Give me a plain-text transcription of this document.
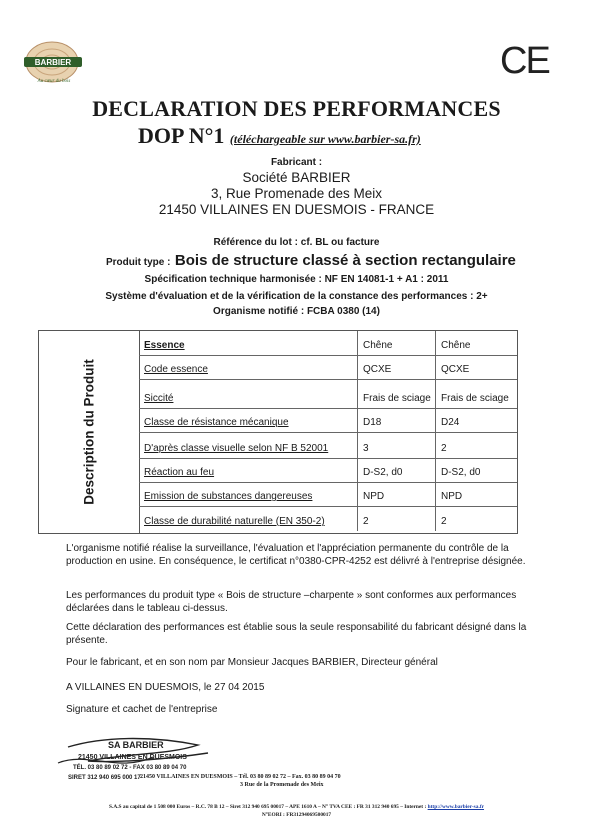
BARBIER
Au cœur du bois	CE
DECLARATION DES PERFORMANCES
DOP N°1 (téléchargeable sur www.barbier-sa.fr)
Fabricant :
Société BARBIER
3, Rue Promenade des Meix
21450 VILLAINES EN DUESMOIS - FRANCE
Référence du lot : cf. BL ou facture
Produit type : Bois de structure classé à section rectangulaire
Spécification technique harmonisée : NF EN 14081-1 + A1 : 2011
Système d'évaluation et de la vérification de la constance des performances : 2+
Organisme notifié : FCBA 0380 (14)
Description du Produit
Essence	Chêne	Chêne
Code essence	QCXE	QCXE
Siccité	Frais de sciage	Frais de sciage
Classe de résistance mécanique	D18	D24
D'après classe visuelle selon NF B 52001	3	2
Réaction au feu	D-S2, d0	D-S2, d0
Emission de substances dangereuses	NPD	NPD
Classe de durabilité naturelle (EN 350-2)	2	2
L'organisme notifié réalise la surveillance, l'évaluation et l'appréciation permanente du contrôle de la production en usine. En conséquence, le certificat n°0380-CPR-4252 est délivré à l'entreprise désignée.
Les performances du produit type « Bois de structure –charpente » sont conformes aux performances déclarées dans le tableau ci-dessus.
Cette déclaration des performances est établie sous la seule responsabilité du fabricant désigné dans la présente.
Pour le fabricant, et en son nom par Monsieur Jacques BARBIER, Directeur général
A VILLAINES EN DUESMOIS, le 27 04 2015
Signature et cachet de l'entreprise
SA BARBIER
21450 VILLAINES EN DUESMOIS
TÉL. 03 80 89 02 72 - FAX 03 80 89 04 70
SIRET 312 940 695 000 17 21450 VILLAINES EN DUESMOIS – Tél. 03 80 89 02 72 – Fax. 03 80 89 04 70
3 Rue de la Promenade des Meix
S.A.S au capital de 1 508 000 Euros – R.C. 78 B 12 – Siret 312 940 695 00017 – APE 1610 A – N° TVA CEE : FR 31 312 940 695 – Internet : http://www.barbier-sa.fr
N°EORI : FR31294069500017
